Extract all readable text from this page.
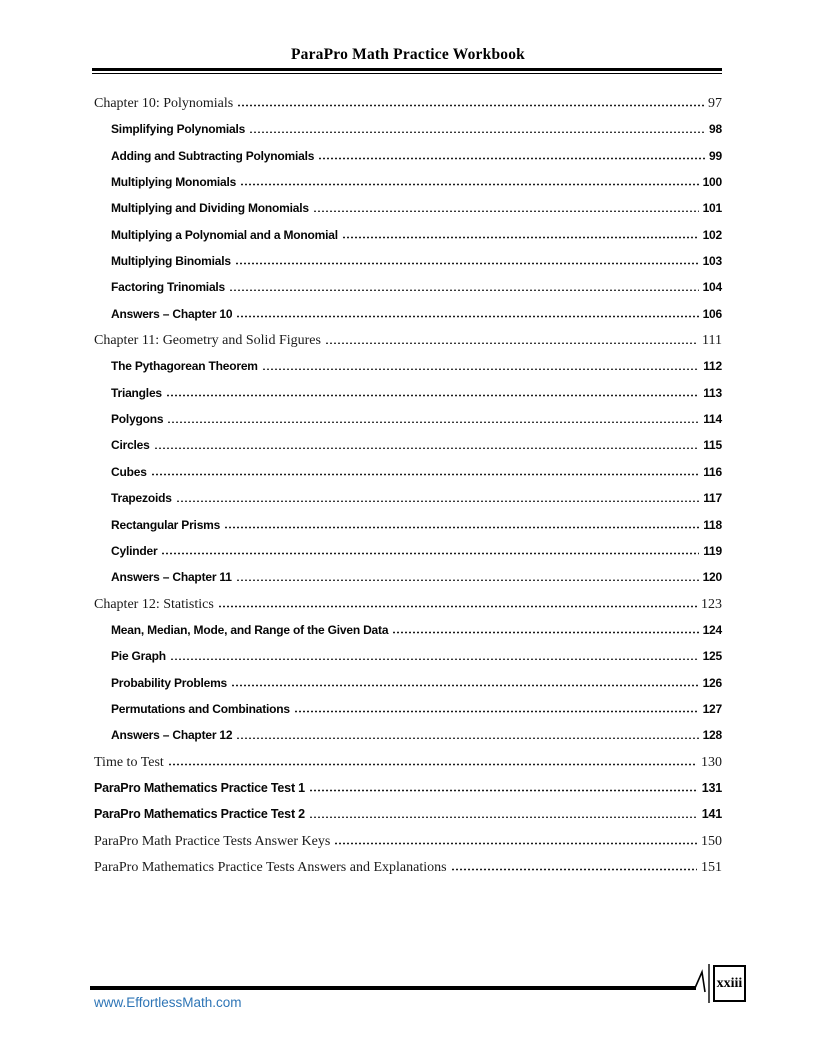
ParaPro Math Practice Workbook
Chapter 10: Polynomials	97
Simplifying Polynomials	98
Adding and Subtracting Polynomials	99
Multiplying Monomials	100
Multiplying and Dividing Monomials	101
Multiplying a Polynomial and a Monomial	102
Multiplying Binomials	103
Factoring Trinomials	104
Answers – Chapter 10	106
Chapter 11: Geometry and Solid Figures	111
The Pythagorean Theorem	112
Triangles	113
Polygons	114
Circles	115
Cubes	116
Trapezoids	117
Rectangular Prisms	118
Cylinder	119
Answers – Chapter 11	120
Chapter 12: Statistics	123
Mean, Median, Mode, and Range of the Given Data	124
Pie Graph	125
Probability Problems	126
Permutations and Combinations	127
Answers – Chapter 12	128
Time to Test	130
ParaPro Mathematics Practice Test 1	131
ParaPro Mathematics Practice Test 2	141
ParaPro Math Practice Tests Answer Keys	150
ParaPro Mathematics Practice Tests Answers and Explanations	151
xxiii
www.EffortlessMath.com
